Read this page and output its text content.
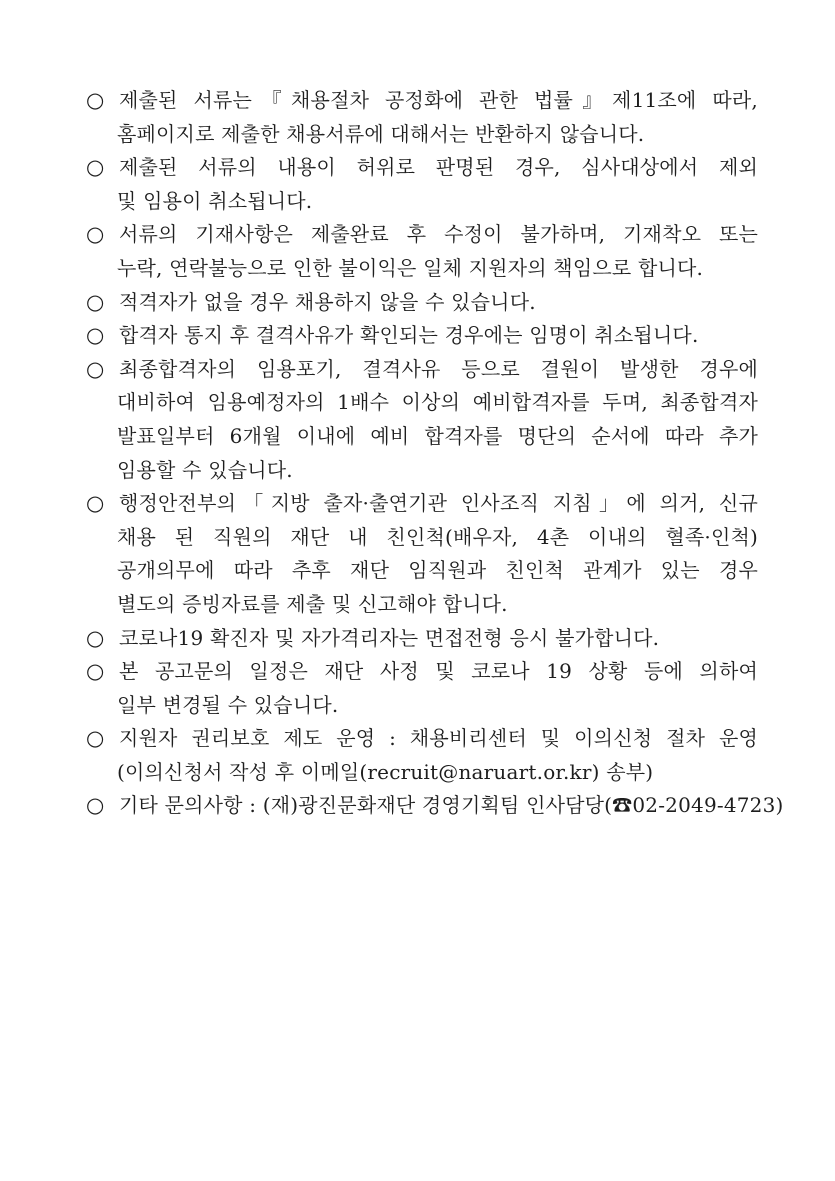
○ 제출된 서류는『채용절차 공정화에 관한 법률』제11조에 따라,
홈페이지로 제출한 채용서류에 대해서는 반환하지 않습니다.
○ 제출된 서류의 내용이 허위로 판명된 경우, 심사대상에서 제외
및 임용이 취소됩니다.
○ 서류의 기재사항은 제출완료 후 수정이 불가하며, 기재착오 또는
누락, 연락불능으로 인한 불이익은 일체 지원자의 책임으로 합니다.
○ 적격자가 없을 경우 채용하지 않을 수 있습니다.
○ 합격자 통지 후 결격사유가 확인되는 경우에는 임명이 취소됩니다.
○ 최종합격자의 임용포기, 결격사유 등으로 결원이 발생한 경우에
대비하여 임용예정자의 1배수 이상의 예비합격자를 두며, 최종합격자
발표일부터 6개월 이내에 예비 합격자를 명단의 순서에 따라 추가
임용할 수 있습니다.
○ 행정안전부의「지방 출자·출연기관 인사조직 지침」에 의거, 신규
채용 된 직원의 재단 내 친인척(배우자, 4촌 이내의 혈족·인척)
공개의무에 따라 추후 재단 임직원과 친인척 관계가 있는 경우
별도의 증빙자료를 제출 및 신고해야 합니다.
○ 코로나19 확진자 및 자가격리자는 면접전형 응시 불가합니다.
○ 본 공고문의 일정은 재단 사정 및 코로나 19 상황 등에 의하여
일부 변경될 수 있습니다.
○ 지원자 권리보호 제도 운영 : 채용비리센터 및 이의신청 절차 운영
(이의신청서 작성 후 이메일(recruit@naruart.or.kr) 송부)
○ 기타 문의사항 : (재)광진문화재단 경영기획팀 인사담당(☎02-2049-4723)
